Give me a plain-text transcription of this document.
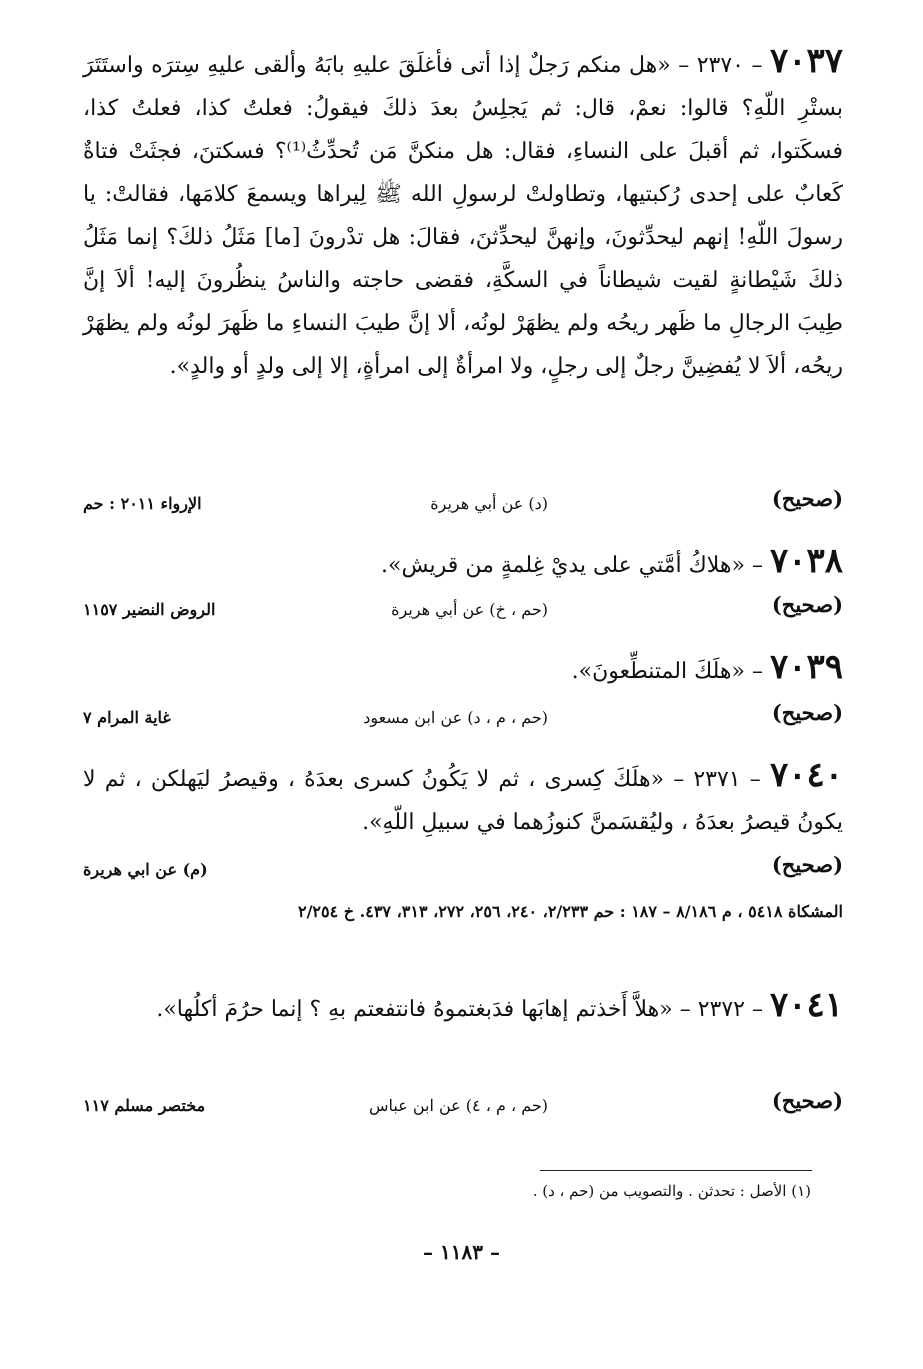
٧٠٣٧ – ٢٣٧٠ – «هل منكم رَجلٌ إذا أتى فأغلَقَ عليهِ بابَهُ وألقى عليهِ سِترَه واستَتَرَ بستْرِ اللّهِ؟ قالوا: نعمْ، قال: ثم يَجلِسُ بعدَ ذلكَ فيقولُ: فعلتُ كذا، فعلتُ كذا، فسكَتوا، ثم أقبلَ على النساءِ، فقال: هل منكنَّ مَن تُحدِّثُ⁽¹⁾؟ فسكتنَ، فجثَتْ فتاةٌ كَعابٌ على إحدى رُكبتيها، وتطاولتْ لرسولِ الله ﷺ لِيراها ويسمعَ كلامَها، فقالتْ: يا رسولَ اللّهِ! إنهم ليحدِّثونَ، وإنهنَّ ليحدِّثنَ، فقالَ: هل تدْرونَ [ما] مَثَلُ ذلكَ؟ إنما مَثَلُ ذلكَ شَيْطانةٍ لقيت شيطاناً في السكَّةِ، فقضى حاجته والناسُ ينظُرونَ إليه! ألاَ إنَّ طِيبَ الرجالِ ما ظَهر ريحُه ولم يظهَرْ لونُه، ألا إنَّ طيبَ النساءِ ما ظَهرَ لونُه ولم يظهَرْ ريحُه، ألاَ لا يُفضِينَّ رجلٌ إلى رجلٍ، ولا امرأةٌ إلى امرأةٍ، إلا إلى ولدٍ أو والدٍ».
( صحيح )
(د) عن أبي هريرة
الإرواء ٢٠١١ : حم
٧٠٣٨ – «هلاكُ أمَّتي على يديْ غِلمةٍ من قريش».
( صحيح )
(حم ، خ) عن أبي هريرة
الروض النضير ١١٥٧
٧٠٣٩ – «هلَكَ المتنطِّعونَ».
( صحيح )
(حم ، م ، د) عن ابن مسعود
غاية المرام ٧
٧٠٤٠ – ٢٣٧١ – «هلَكَ كِسرى ، ثم لا يَكُونُ كسرى بعدَهُ ، وقيصرُ ليَهلكن ، ثم لا يكونُ قيصرُ بعدَهُ ، وليُقسَمنَّ كنوزُهما في سبيلِ اللّهِ».
( صحيح )
(م) عن ابي هريرة
المشكاة ٥٤١٨ ، م ٨/١٨٦ – ١٨٧ : حم ٢/٢٣٣، ٢٤٠، ٢٥٦، ٢٧٢، ٣١٣، ٤٣٧. خ ٢/٢٥٤
٧٠٤١ – ٢٣٧٢ – «هلاَّ أَخذتم إهابَها فدَبغتموهُ فانتفعتم بهِ ؟ إنما حرُمَ أكلُها».
( صحيح )
(حم ، م ، ٤) عن ابن عباس
مختصر مسلم ١١٧
(١) الأصل : تحدثن . والتصويب من (حم ، د) .
– ١١٨٣ –
